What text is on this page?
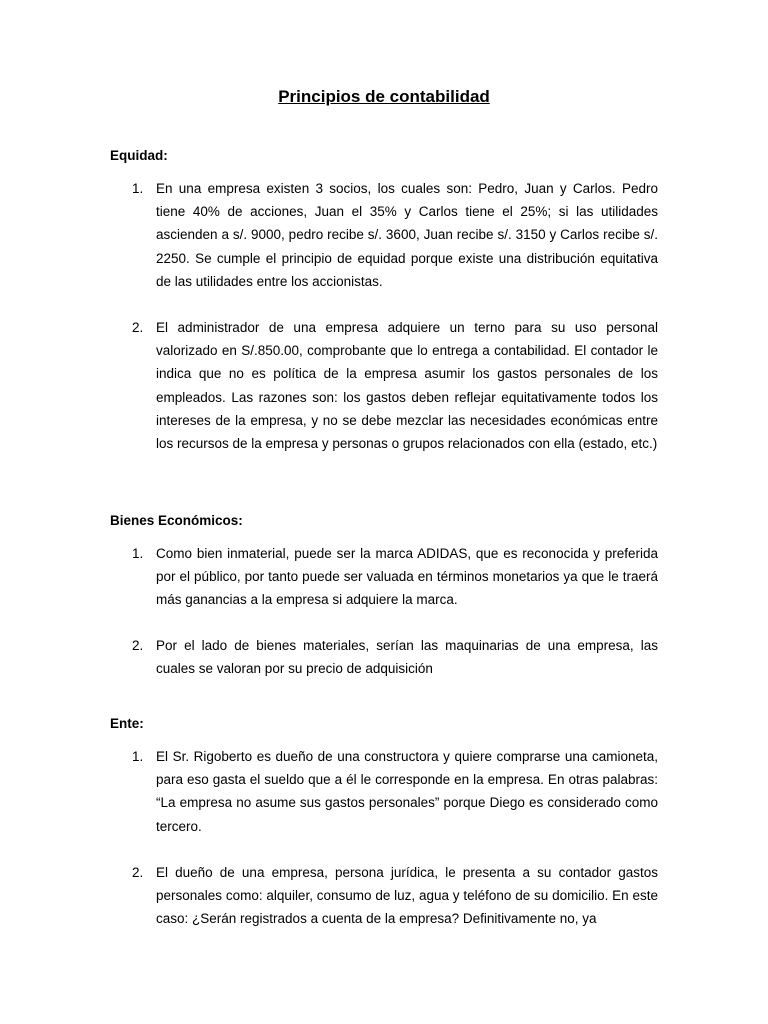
Principios de contabilidad
Equidad:
1. En una empresa existen 3 socios, los cuales son: Pedro, Juan y Carlos. Pedro tiene 40% de acciones, Juan el 35% y Carlos tiene el 25%; si las utilidades ascienden a s/. 9000, pedro recibe s/. 3600, Juan recibe s/. 3150 y Carlos recibe s/. 2250. Se cumple el principio de equidad porque existe una distribución equitativa de las utilidades entre los accionistas.
2. El administrador de una empresa adquiere un terno para su uso personal valorizado en S/.850.00, comprobante que lo entrega a contabilidad. El contador le indica que no es política de la empresa asumir los gastos personales de los empleados. Las razones son: los gastos deben reflejar equitativamente todos los intereses de la empresa, y no se debe mezclar las necesidades económicas entre los recursos de la empresa y personas o grupos relacionados con ella (estado, etc.)
Bienes Económicos:
1. Como bien inmaterial, puede ser la marca ADIDAS, que es reconocida y preferida por el público, por tanto puede ser valuada en términos monetarios ya que le traerá más ganancias a la empresa si adquiere la marca.
2. Por el lado de bienes materiales, serían las maquinarias de una empresa, las cuales se valoran por su precio de adquisición
Ente:
1. El Sr. Rigoberto es dueño de una constructora y quiere comprarse una camioneta, para eso gasta el sueldo que a él le corresponde en la empresa. En otras palabras: “La empresa no asume sus gastos personales” porque Diego es considerado como tercero.
2. El dueño de una empresa, persona jurídica, le presenta a su contador gastos personales como: alquiler, consumo de luz, agua y teléfono de su domicilio. En este caso: ¿Serán registrados a cuenta de la empresa? Definitivamente no, ya
